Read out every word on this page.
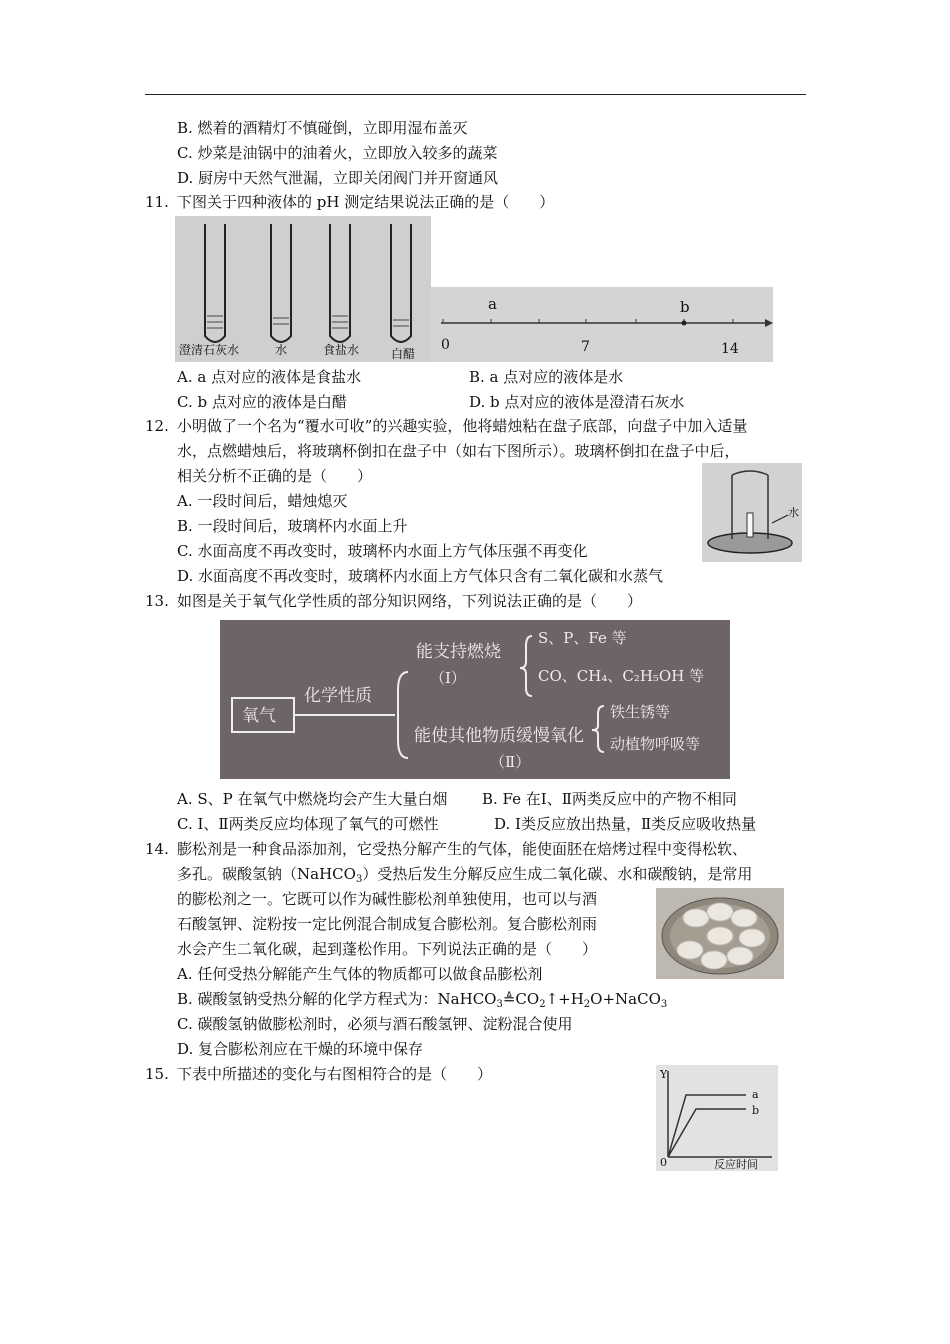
B. 燃着的酒精灯不慎碰倒，立即用湿布盖灭
C. 炒菜是油锅中的油着火，立即放入较多的蔬菜
D. 厨房中天然气泄漏，立即关闭阀门并开窗通风
11. 下图关于四种液体的 pH 测定结果说法正确的是（　　）
澄清石灰水	水	食盐水	白醋
a	b
0	7	14
A. a 点对应的液体是食盐水	B. a 点对应的液体是水
C. b 点对应的液体是白醋	D. b 点对应的液体是澄清石灰水
12. 小明做了一个名为“覆水可收”的兴趣实验，他将蜡烛粘在盘子底部，向盘子中加入适量
水，点燃蜡烛后，将玻璃杯倒扣在盘子中（如右下图所示）。玻璃杯倒扣在盘子中后，
相关分析不正确的是（　　）
水
A. 一段时间后，蜡烛熄灭
B. 一段时间后，玻璃杯内水面上升
C. 水面高度不再改变时，玻璃杯内水面上方气体压强不再变化
D. 水面高度不再改变时，玻璃杯内水面上方气体只含有二氧化碳和水蒸气
13. 如图是关于氧气化学性质的部分知识网络，下列说法正确的是（　　）
氧气
化学性质
能支持燃烧
（Ⅰ）
S、P、Fe 等
CO、CH₄、C₂H₅OH 等
能使其他物质缓慢氧化
（Ⅱ）
铁生锈等
动植物呼吸等
A. S、P 在氧气中燃烧均会产生大量白烟 B. Fe 在Ⅰ、Ⅱ两类反应中的产物不相同
C. Ⅰ、Ⅱ两类反应均体现了氧气的可燃性	D. Ⅰ类反应放出热量，Ⅱ类反应吸收热量
14. 膨松剂是一种食品添加剂，它受热分解产生的气体，能使面胚在焙烤过程中变得松软、
多孔。碳酸氢钠（NaHCO$_3$）受热后发生分解反应生成二氧化碳、水和碳酸钠，是常用
的膨松剂之一。它既可以作为碱性膨松剂单独使用，也可以与酒
石酸氢钾、淀粉按一定比例混合制成复合膨松剂。复合膨松剂雨
水会产生二氧化碳，起到蓬松作用。下列说法正确的是（　　）
A. 任何受热分解能产生气体的物质都可以做食品膨松剂
B. 碳酸氢钠受热分解的化学方程式为：$NaHCO_3≜CO_2↑+H_2O+NaCO_3$
C. 碳酸氢钠做膨松剂时，必须与酒石酸氢钾、淀粉混合使用
D. 复合膨松剂应在干燥的环境中保存
15. 下表中所描述的变化与右图相符合的是（　　）	Y
0	反应时间
a
b
